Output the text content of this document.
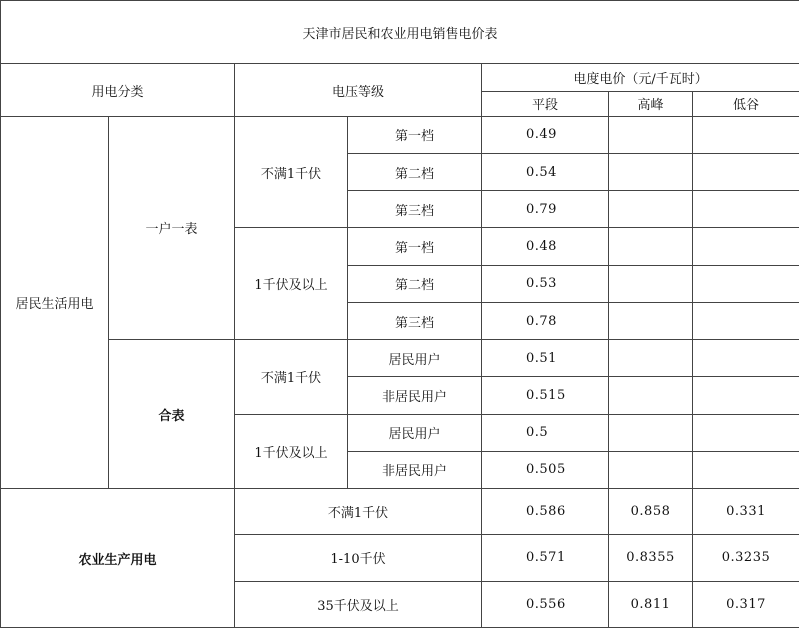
天津市居民和农业用电销售电价表						
用电分类		电压等级		电度电价（元/千瓦时）		
				平段	高峰	低谷
居民生活用电	一户一表	不满1千伏	第一档	0.49		
			第二档	0.54		
			第三档	0.79		
		1千伏及以上	第一档	0.48		
			第二档	0.53		
			第三档	0.78		
	合表	不满1千伏	居民用户	0.51		
			非居民用户	0.515		
		1千伏及以上	居民用户	0.5		
			非居民用户	0.505		
农业生产用电		不满1千伏		0.586	0.858	0.331
		1-10千伏		0.571	0.8355	0.3235
		35千伏及以上		0.556	0.811	0.317
